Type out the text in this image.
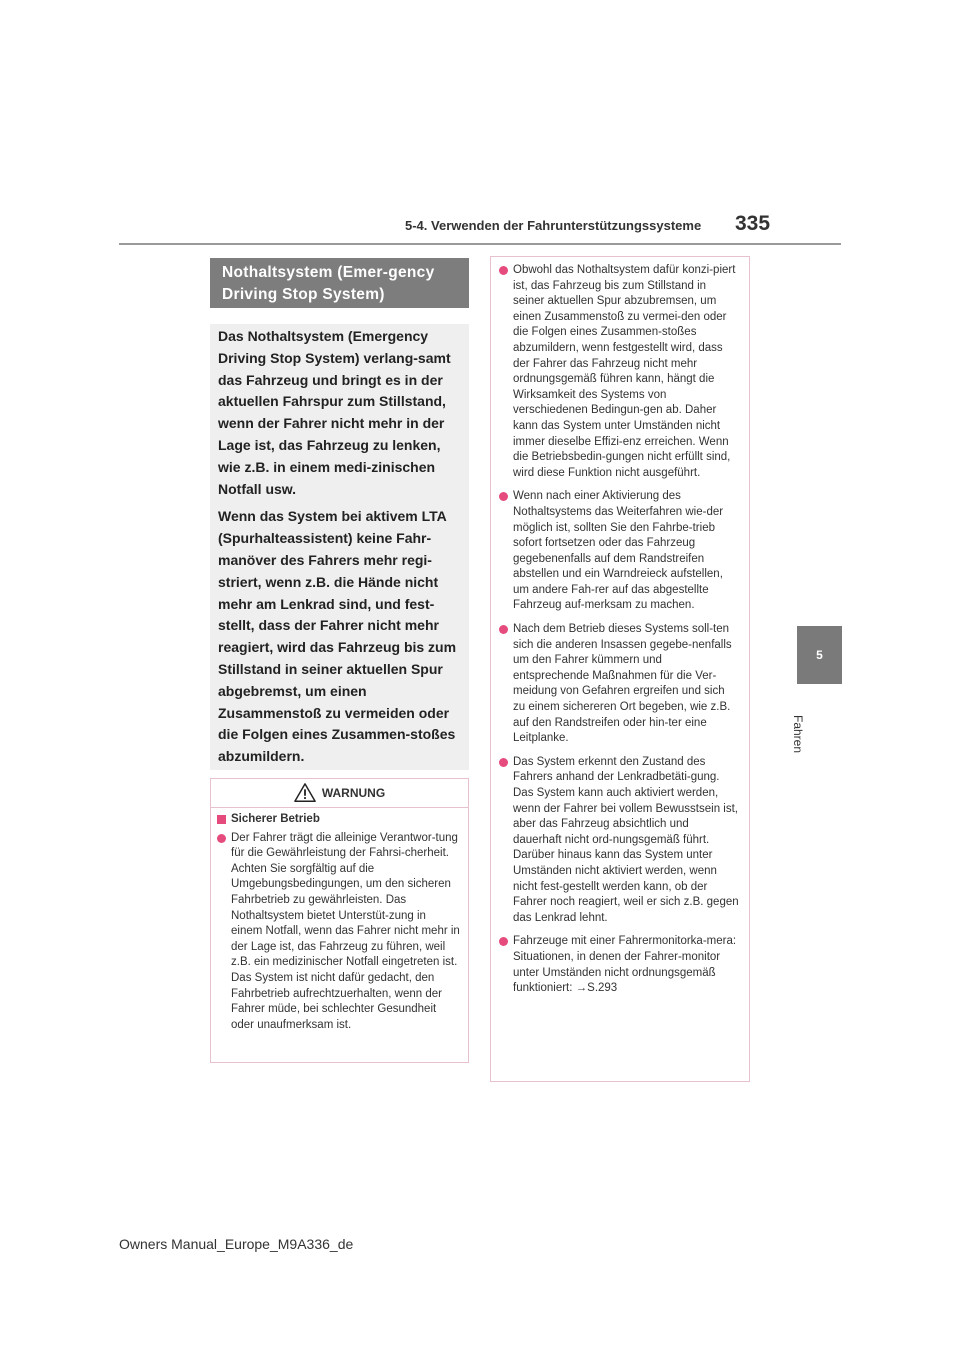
5-4. Verwenden der Fahrunterstützungssysteme 335
5
Fahren
Nothaltsystem (Emer-gency Driving Stop System)

Das Nothaltsystem (Emergency Driving Stop System) verlang-samt das Fahrzeug und bringt es in der aktuellen Fahrspur zum Stillstand, wenn der Fahrer nicht mehr in der Lage ist, das Fahrzeug zu lenken, wie z.B. in einem medi-zinischen Notfall usw.

Wenn das System bei aktivem LTA (Spurhalteassistent) keine Fahr-manöver des Fahrers mehr regi-striert, wenn z.B. die Hände nicht mehr am Lenkrad sind, und fest-stellt, dass der Fahrer nicht mehr reagiert, wird das Fahrzeug bis zum Stillstand in seiner aktuellen Spur abgebremst, um einen Zusammenstoß zu vermeiden oder die Folgen eines Zusammen-stoßes abzumildern.

WARNUNG
Sicherer Betrieb
Der Fahrer trägt die alleinige Verantwor-tung für die Gewährleistung der Fahrsi-cherheit. Achten Sie sorgfältig auf die Umgebungsbedingungen, um den sicheren Fahrbetrieb zu gewährleisten. Das Nothaltsystem bietet Unterstüt-zung in einem Notfall, wenn das Fahrer nicht mehr in der Lage ist, das Fahrzeug zu führen, weil z.B. ein medizinischer Notfall eingetreten ist. Das System ist nicht dafür gedacht, den Fahrbetrieb aufrechtzuerhalten, wenn der Fahrer müde, bei schlechter Gesundheit oder unaufmerksam ist.
Obwohl das Nothaltsystem dafür konzi-piert ist, das Fahrzeug bis zum Stillstand in seiner aktuellen Spur abzubremsen, um einen Zusammenstoß zu vermei-den oder die Folgen eines Zusammen-stoßes abzumildern, wenn festgestellt wird, dass der Fahrer das Fahrzeug nicht mehr ordnungsgemäß führen kann, hängt die Wirksamkeit des Systems von verschiedenen Bedingun-gen ab. Daher kann das System unter Umständen nicht immer dieselbe Effizi-enz erreichen. Wenn die Betriebsbedin-gungen nicht erfüllt sind, wird diese Funktion nicht ausgeführt.
Wenn nach einer Aktivierung des Nothaltsystems das Weiterfahren wie-der möglich ist, sollten Sie den Fahrbe-trieb sofort fortsetzen oder das Fahrzeug gegebenenfalls auf dem Randstreifen abstellen und ein Warndreieck aufstellen, um andere Fah-rer auf das abgestellte Fahrzeug auf-merksam zu machen.
Nach dem Betrieb dieses Systems soll-ten sich die anderen Insassen gegebe-nenfalls um den Fahrer kümmern und entsprechende Maßnahmen für die Ver-meidung von Gefahren ergreifen und sich zu einem sichereren Ort begeben, wie z.B. auf den Randstreifen oder hin-ter eine Leitplanke.
Das System erkennt den Zustand des Fahrers anhand der Lenkradbetäti-gung. Das System kann auch aktiviert werden, wenn der Fahrer bei vollem Bewusstsein ist, aber das Fahrzeug absichtlich und dauerhaft nicht ord-nungsgemäß führt. Darüber hinaus kann das System unter Umständen nicht aktiviert werden, wenn nicht fest-gestellt werden kann, ob der Fahrer noch reagiert, weil er sich z.B. gegen das Lenkrad lehnt.
Fahrzeuge mit einer Fahrermonitorka-mera: Situationen, in denen der Fahrer-monitor unter Umständen nicht ordnungsgemäß funktioniert: →S.293
Owners Manual_Europe_M9A336_de
